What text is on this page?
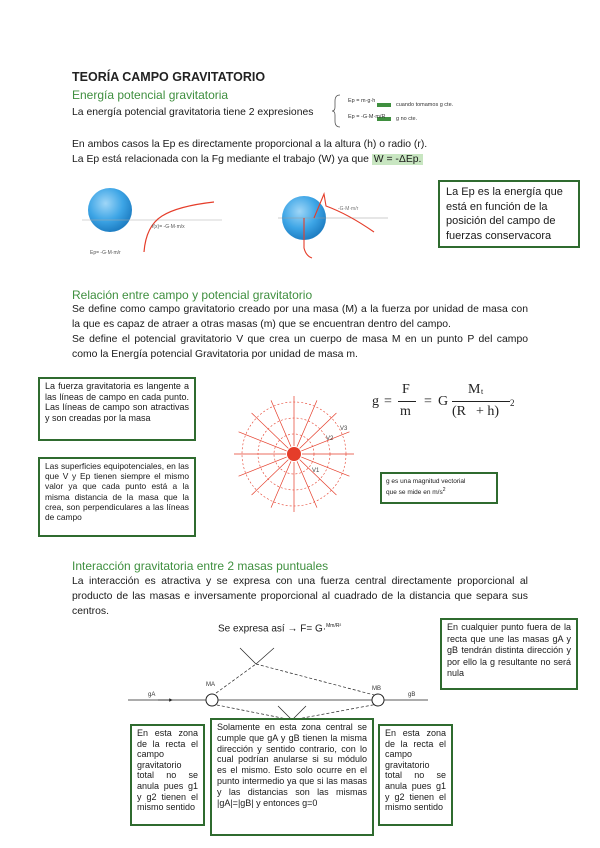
TEORÍA CAMPO GRAVITATORIO
Energía potencial gravitatoria
La energía potencial gravitatoria tiene 2 expresiones
Ep = m·g·h
cuando tomamos g cte.
Ep = -G·M·m/R g no cte.
En ambos casos la Ep es directamente proporcional a la altura (h) o radio (r).
La Ep está relacionada con la Fg mediante el trabajo (W) ya que W = -ΔEp.
f(x)= -G·M·m/x
Ep= -G·M·m/r
-G·M·m/r
La Ep es la energía que está en función de la posición del campo de fuerzas conservacora
Relación entre campo y potencial gravitatorio
Se define como campo gravitatorio creado por una masa (M) a la fuerza por unidad de masa con la que es capaz de atraer a otras masas (m) que se encuentran dentro del campo.
Se define el potencial gravitatorio V que crea un cuerpo de masa M en un punto P del campo como la Energía potencial Gravitatoria por unidad de masa m.
La fuerza gravitatoria es langente a las líneas de campo en cada punto. Las líneas de campo son atractivas y son creadas por la masa
Las superficies equipotenciales, en las que V y Ep tienen siempre el mismo valor ya que cada punto está a la misma distancia de la masa que la crea, son perpendiculares a las líneas de campo
V3
V2
V1
g =
F
m
= G
M t
(R + h)
2
g es una magnitud vectorial
que se mide en $m/s^2$
Interacción gravitatoria entre 2 masas puntuales
La interacción es atractiva y se expresa con una fuerza central directamente proporcional al producto de las masas e inversamente proporcional al cuadrado de la distancia que separa sus centros.
Se expresa así → F= G·$^{Mm/R^2}$	En cualquier punto fuera de la recta que une las masas gA y gB tendrán distinta dirección y por ello la g resultante no será nula
MA
MB
gA	gB
En esta zona de la recta el campo gravitatorio total no se anula pues g1 y g2 tienen el mismo sentido
Solamente en esta zona central se cumple que gA y gB tienen la misma dirección y sentido contrario, con lo cual podrían anularse si su módulo es el mismo. Esto solo ocurre en el punto intermedio ya que si las masas y las distancias son las mismas |gA|=|gB| y entonces g=0
En esta zona de la recta el campo gravitatorio total no se anula pues g1 y g2 tienen el mismo sentido
